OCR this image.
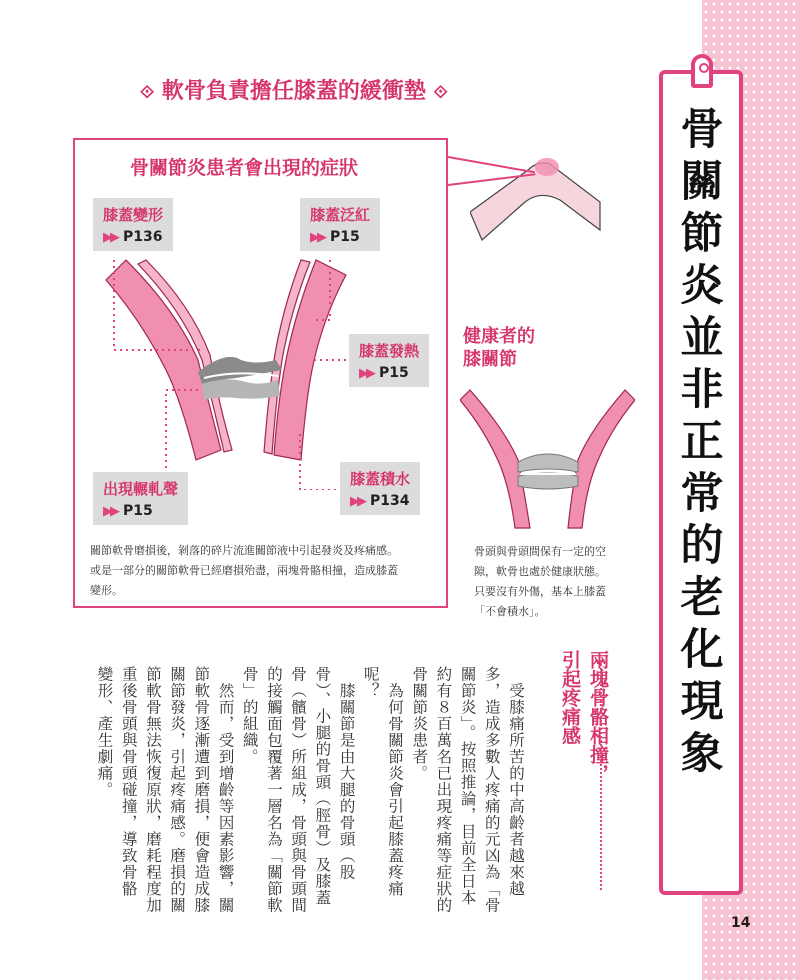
骨關節炎並非正常的老化現象
14
⟐ 軟骨負責擔任膝蓋的緩衝墊 ⟐
骨關節炎患者會出現的症狀
膝蓋變形
▶▶ P136
膝蓋泛紅
▶▶ P15
膝蓋發熱
▶▶ P15
出現輾軋聲
▶▶ P15
膝蓋積水
▶▶ P134
關節軟骨磨損後，剝落的碎片流進關節液中引起發炎及疼痛感。
或是一部分的關節軟骨已經磨損殆盡，兩塊骨骼相撞，造成膝蓋
變形。
健康者的
膝關節
骨頭與骨頭間保有一定的空
隙，軟骨也處於健康狀態。
只要沒有外傷，基本上膝蓋
「不會積水」。
兩塊骨骼相撞，
引起疼痛感
　受膝痛所苦的中高齡者越來越
多，造成多數人疼痛的元凶為「骨
關節炎」。按照推論，目前全日本
約有８百萬名已出現疼痛等症狀的
骨關節炎患者。
　為何骨關節炎會引起膝蓋疼痛
呢？
　膝關節是由大腿的骨頭（股
骨）、小腿的骨頭（脛骨）及膝蓋
骨（髕骨）所組成，骨頭與骨頭間
的接觸面包覆著一層名為「關節軟
骨」的組織。
　然而，受到增齡等因素影響，關
節軟骨逐漸遭到磨損，便會造成膝
關節發炎，引起疼痛感。磨損的關
節軟骨無法恢復原狀，磨耗程度加
重後骨頭與骨頭碰撞，導致骨骼
變形、產生劇痛。
